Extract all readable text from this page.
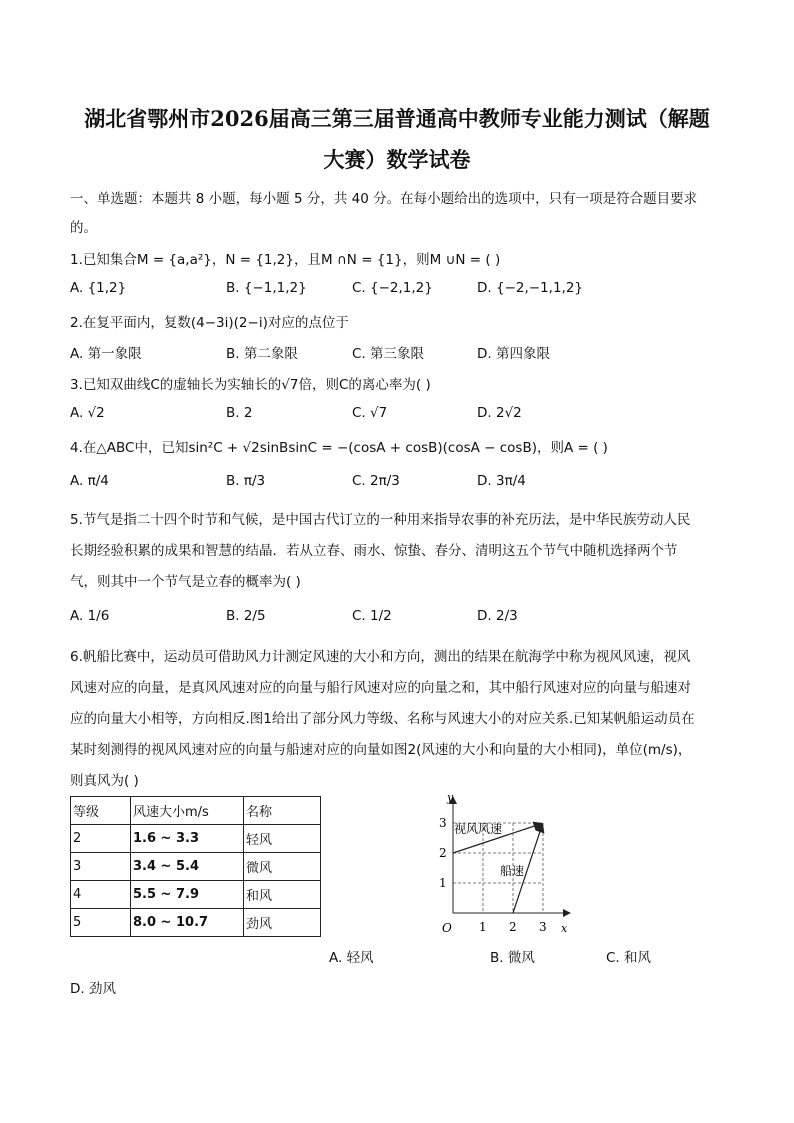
湖北省鄂州市2026届高三第三届普通高中教师专业能力测试（解题
大赛）数学试卷
一、单选题：本题共 8 小题，每小题 5 分，共 40 分。在每小题给出的选项中，只有一项是符合题目要求
的。
1.已知集合M = {a,a²}，N = {1,2}，且M ∩N = {1}，则M ∪N = ( )
A. {1,2}	B. {−1,1,2}	C. {−2,1,2}	D. {−2,−1,1,2}
2.在复平面内，复数(4−3i)(2−i)对应的点位于
A. 第一象限	B. 第二象限	C. 第三象限	D. 第四象限
3.已知双曲线C的虚轴长为实轴长的√7倍，则C的离心率为( )
A. √2	B. 2	C. √7	D. 2√2
4.在△ABC中，已知sin²C + √2sinBsinC = −(cosA + cosB)(cosA − cosB)，则A = ( )
A. π/4	B. π/3	C. 2π/3	D. 3π/4
5.节气是指二十四个时节和气候，是中国古代订立的一种用来指导农事的补充历法，是中华民族劳动人民
长期经验积累的成果和智慧的结晶．若从立春、雨水、惊蛰、春分、清明这五个节气中随机选择两个节
气，则其中一个节气是立春的概率为( )
A. 1/6	B. 2/5	C. 1/2	D. 2/3
6.帆船比赛中，运动员可借助风力计测定风速的大小和方向，测出的结果在航海学中称为视风风速，视风
风速对应的向量，是真风风速对应的向量与船行风速对应的向量之和，其中船行风速对应的向量与船速对
应的向量大小相等，方向相反.图1给出了部分风力等级、名称与风速大小的对应关系.已知某帆船运动员在
某时刻测得的视风风速对应的向量与船速对应的向量如图2(风速的大小和向量的大小相同)，单位(m/s)，
则真风为( )
等级	风速大小m/s	名称
2	1.6 ~ 3.3	轻风
3	3.4 ~ 5.4	微风
4	5.5 ~ 7.9	和风
5	8.0 ~ 10.7	劲风
y
x
O 1 2 3
1
2
3 视风风速
船速
A. 轻风	B. 微风	C. 和风
D. 劲风
